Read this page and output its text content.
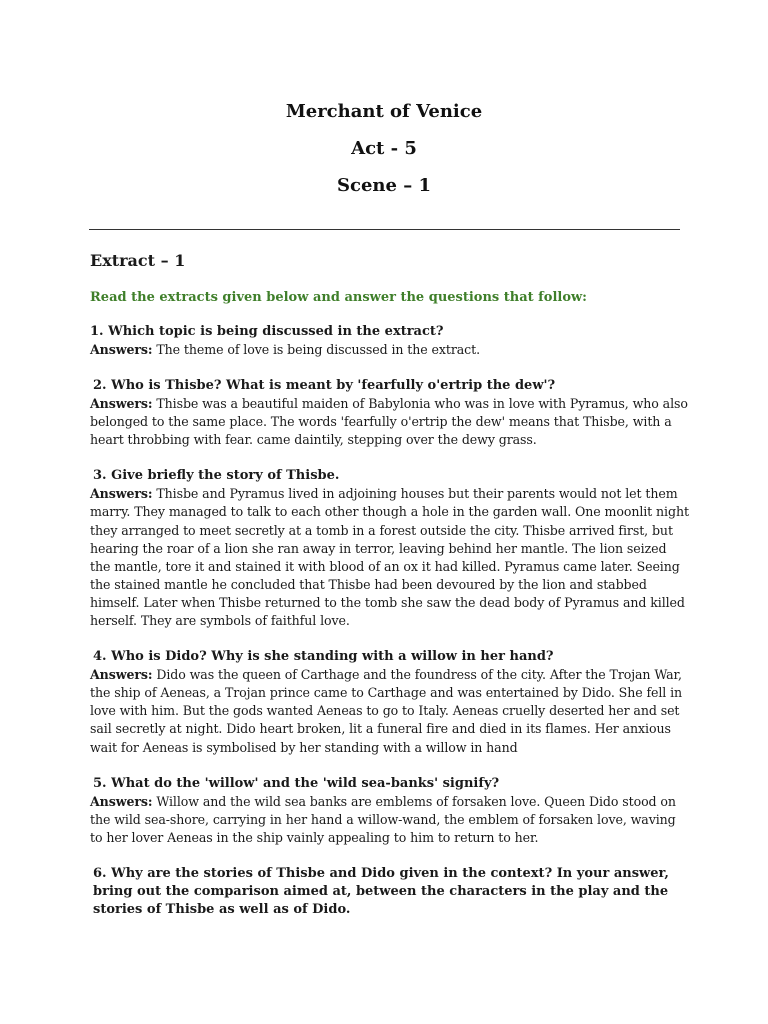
Merchant of Venice
Act - 5
Scene – 1
Extract – 1
Read the extracts given below and answer the questions that follow:

1. Which topic is being discussed in the extract?

Answers: The theme of love is being discussed in the extract.

2. Who is Thisbe? What is meant by 'fearfully o'ertrip the dew'?

Answers: Thisbe was a beautiful maiden of Babylonia who was in love with Pyramus, who also belonged to the same place. The words 'fearfully o'ertrip the dew' means that Thisbe, with a heart throbbing with fear. came daintily, stepping over the dewy grass.

3. Give briefly the story of Thisbe.

Answers: Thisbe and Pyramus lived in adjoining houses but their parents would not let them marry. They managed to talk to each other though a hole in the garden wall. One moonlit night they arranged to meet secretly at a tomb in a forest outside the city. Thisbe arrived first, but hearing the roar of a lion she ran away in terror, leaving behind her mantle. The lion seized the mantle, tore it and stained it with blood of an ox it had killed. Pyramus came later. Seeing the stained mantle he concluded that Thisbe had been devoured by the lion and stabbed himself. Later when Thisbe returned to the tomb she saw the dead body of Pyramus and killed herself. They are symbols of faithful love.

4. Who is Dido? Why is she standing with a willow in her hand?

Answers: Dido was the queen of Carthage and the foundress of the city. After the Trojan War, the ship of Aeneas, a Trojan prince came to Carthage and was entertained by Dido. She fell in love with him. But the gods wanted Aeneas to go to Italy. Aeneas cruelly deserted her and set sail secretly at night. Dido heart broken, lit a funeral fire and died in its flames. Her anxious wait for Aeneas is symbolised by her standing with a willow in hand

5. What do the 'willow' and the 'wild sea-banks' signify?

Answers: Willow and the wild sea banks are emblems of forsaken love. Queen Dido stood on the wild sea-shore, carrying in her hand a willow-wand, the emblem of forsaken love, waving to her lover Aeneas in the ship vainly appealing to him to return to her.

6. Why are the stories of Thisbe and Dido given in the context? In your answer, bring out the comparison aimed at, between the characters in the play and the stories of Thisbe as well as of Dido.
